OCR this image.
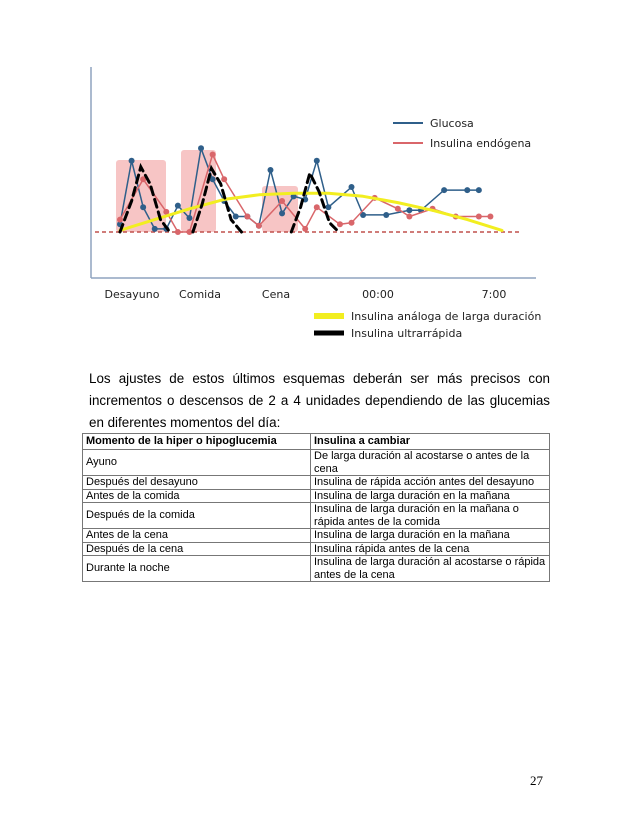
Desayuno Comida	Cena	00:00	7:00
Glucosa
Insulina endógena
Insulina análoga de larga duración
Insulina ultrarrápida
Los ajustes de estos últimos esquemas deberán ser más precisos con incrementos o descensos de 2 a 4 unidades dependiendo de las glucemias en diferentes momentos del día:
Momento de la hiper o hipoglucemia	Insulina a cambiar
Ayuno	De larga duración al acostarse o antes de la cena
Después del desayuno	Insulina de rápida acción antes del desayuno
Antes de la comida	Insulina de larga duración en la mañana
Después de la comida	Insulina de larga duración en la mañana o rápida antes de la comida
Antes de la cena	Insulina de larga duración en la mañana
Después de la cena	Insulina rápida antes de la cena
Durante la noche	Insulina de larga duración al acostarse o rápida antes de la cena
27
